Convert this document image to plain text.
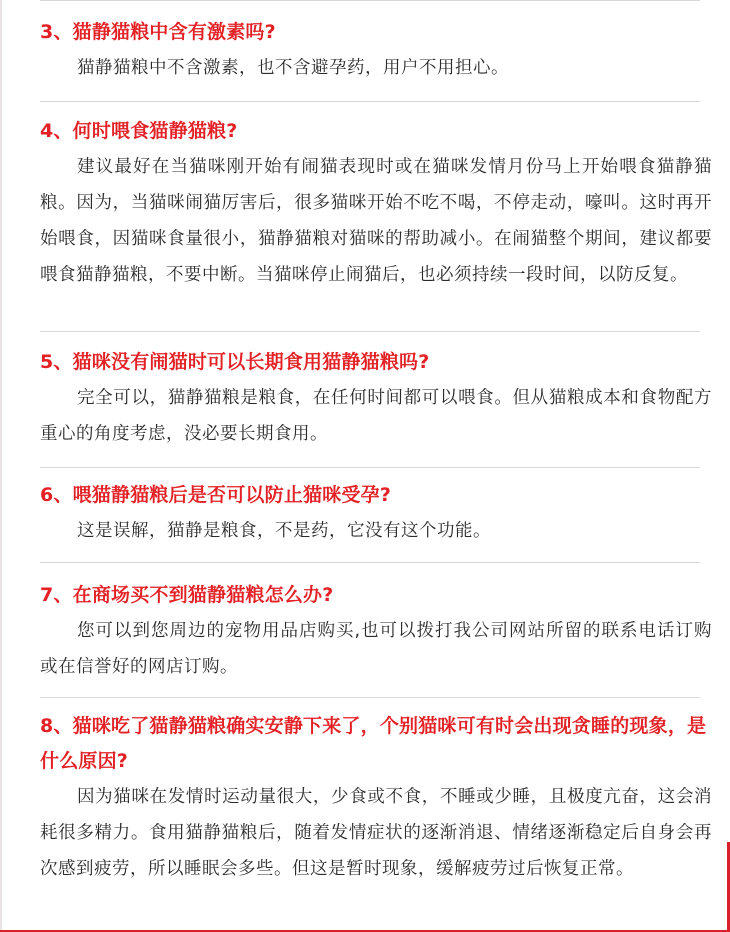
3、猫静猫粮中含有激素吗?

猫静猫粮中不含激素，也不含避孕药，用户不用担心。

4、何时喂食猫静猫粮?

建议最好在当猫咪刚开始有闹猫表现时或在猫咪发情月份马上开始喂食猫静猫粮。因为，当猫咪闹猫厉害后，很多猫咪开始不吃不喝，不停走动，嚎叫。这时再开始喂食，因猫咪食量很小，猫静猫粮对猫咪的帮助减小。在闹猫整个期间，建议都要喂食猫静猫粮，不要中断。当猫咪停止闹猫后，也必须持续一段时间，以防反复。

5、猫咪没有闹猫时可以长期食用猫静猫粮吗?

完全可以，猫静猫粮是粮食，在任何时间都可以喂食。但从猫粮成本和食物配方重心的角度考虑，没必要长期食用。

6、喂猫静猫粮后是否可以防止猫咪受孕?

这是误解，猫静是粮食，不是药，它没有这个功能。

7、在商场买不到猫静猫粮怎么办?

您可以到您周边的宠物用品店购买,也可以拨打我公司网站所留的联系电话订购或在信誉好的网店订购。

8、猫咪吃了猫静猫粮确实安静下来了，个别猫咪可有时会出现贪睡的现象，是什么原因?

因为猫咪在发情时运动量很大，少食或不食，不睡或少睡，且极度亢奋，这会消耗很多精力。食用猫静猫粮后，随着发情症状的逐渐消退、情绪逐渐稳定后自身会再次感到疲劳，所以睡眠会多些。但这是暂时现象，缓解疲劳过后恢复正常。
